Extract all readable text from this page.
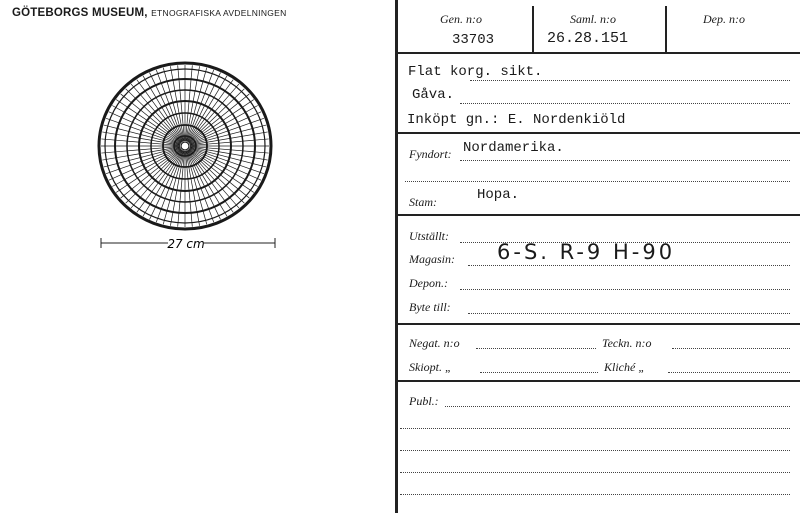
GÖTEBORGS MUSEUM, ETNOGRAFISKA AVDELNINGEN
27 cm
Gen. n:o
33703
Saml. n:o
26.28.151
Dep. n:o
Flat korg. sikt.
Gåva.
Inköpt gn.: E. Nordenkiöld
Fyndort: Nordamerika.
Stam:	Hopa.
Utställt:
Magasin: 6-S. R-9 H-90
Depon.:
Byte till:
Negat. n:o	Teckn. n:o
Skiopt. „	Kliché „
Publ.:
